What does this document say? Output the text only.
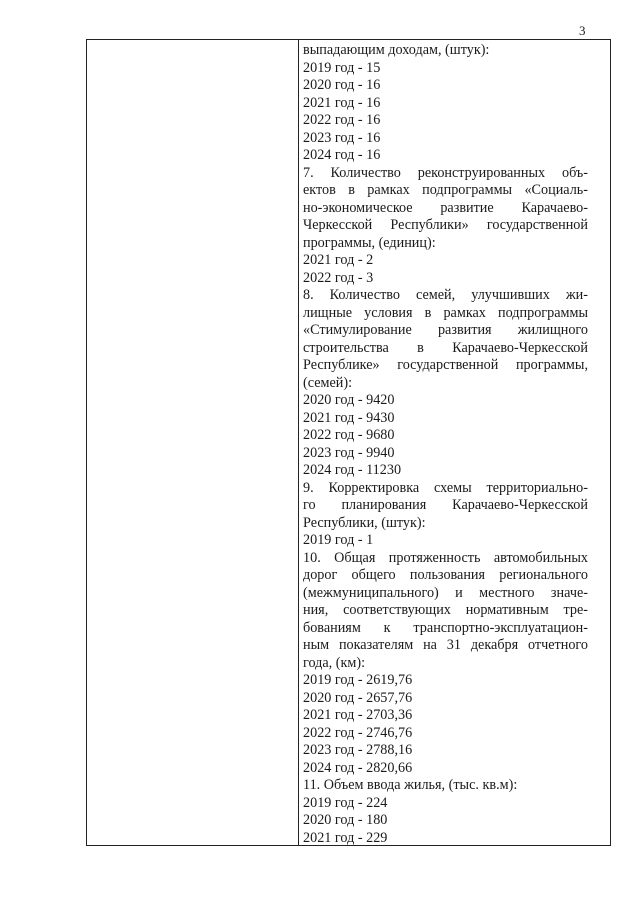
3
выпадающим доходам, (штук):
2019 год - 15
2020 год - 16
2021 год - 16
2022 год - 16
2023 год - 16
2024 год - 16
7. Количество реконструированных объ-
ектов в рамках подпрограммы «Социаль-
но-экономическое развитие Карачаево-
Черкесской Республики» государственной
программы, (единиц):
2021 год - 2
2022 год - 3
8. Количество семей, улучшивших жи-
лищные условия в рамках подпрограммы
«Стимулирование развития жилищного
строительства в Карачаево-Черкесской
Республике» государственной программы,
(семей):
2020 год - 9420
2021 год - 9430
2022 год - 9680
2023 год - 9940
2024 год - 11230
9. Корректировка схемы территориально-
го планирования Карачаево-Черкесской
Республики, (штук):
2019 год - 1
10. Общая протяженность автомобильных
дорог общего пользования регионального
(межмуниципального) и местного значе-
ния, соответствующих нормативным тре-
бованиям к транспортно-эксплуатацион-
ным показателям на 31 декабря отчетного
года, (км):
2019 год - 2619,76
2020 год - 2657,76
2021 год - 2703,36
2022 год - 2746,76
2023 год - 2788,16
2024 год - 2820,66
11. Объем ввода жилья, (тыс. кв.м):
2019 год - 224
2020 год - 180
2021 год - 229
